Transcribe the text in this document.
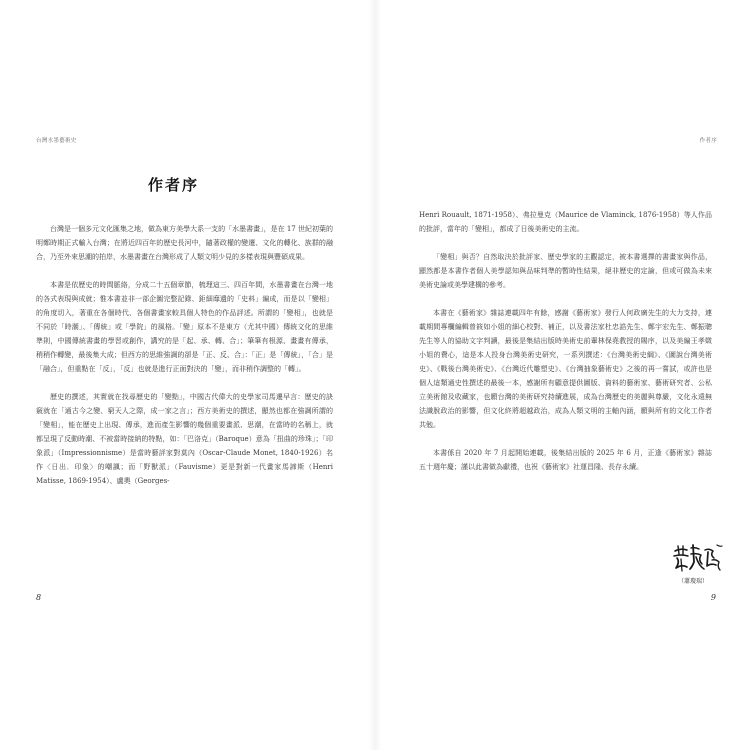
台灣水墨藝術史
作者序

台灣是一個多元文化匯集之地，做為東方美學大系一支的「水墨書畫」，是在 17 世紀初葉的明鄭時期正式輸入台灣；在將近四百年的歷史長河中，隨著政權的變遷、文化的轉化、族群的融合，乃至外來思潮的拍岸，水墨書畫在台灣形成了人類文明少見的多樣表現與豐碩成果。

本書是依歷史的時間脈絡，分成二十五個章節，梳理這三、四百年間，水墨書畫在台灣一地的各式表現與成就；惟本書並非一部企圖完整記錄、鉅細靡遺的「史料」編成，而是以「變相」的角度切入，著重在各個時代、各個書畫家較具個人特色的作品評述。所謂的「變相」，也就是不同於「時潮」、「傳統」或「學院」的風格。「變」原本不是東方（尤其中國）傳統文化的思維準則，中國傳統書畫的學習或創作，講究的是「起、承、轉、合」；筆筆有根源、畫畫有傳承，稍稍作轉變，最後集大成；但西方的思維強調的卻是「正、反、合」：「正」是「傳統」，「合」是「融合」，但重點在「反」，「反」也就是進行正面對決的「變」，而非稍作調整的「轉」。

歷史的撰述，其實就在找尋歷史的「變點」，中國古代偉大的史學家司馬遷早言：歷史的訣竅就在「通古今之變、窮天人之際，成一家之言」；西方美術史的撰述，顯然也都在強調所謂的「變相」，能在歷史上出現、傳承，進而產生影響的幾個重要畫派、思潮，在當時的名稱上，就都呈現了反動時潮、不被當時接納的特點，如：「巴洛克」（Baroque）意為「扭曲的珍珠」；「印象派」（Impressionnisme）是當時藝評家對莫內（Oscar-Claude Monet, 1840-1926）名作〈日出．印象〉的嘲諷；而「野獸派」（Fauvisme）更是對新一代畫家馬諦斯（Henri Matisse, 1869-1954）、盧奧（Georges-

8
作者序

Henri Rouault, 1871-1958）、弗拉曼克（Maurice de Vlaminck, 1876-1958）等人作品的批評，當年的「變相」，都成了日後美術史的主流。

「變相」與否？自然取決於批評家、歷史學家的主觀認定，被本書選擇的書畫家與作品，顯然都是本書作者個人美學認知與品味判準的暫時性結果，絕非歷史的定論，但或可做為未來美術史論或美學建構的參考。

本書在《藝術家》雜誌連載四年有餘，感謝《藝術家》發行人何政廣先生的大力支持，連載期間專欄編輯曾筱如小姐的細心校對、補正，以及書法家杜忠誥先生、鄭宇宏先生、鄭振聰先生等人的協助文字判讀，最後是集結出版時美術史前輩林保堯教授的賜序，以及美編王孝媺小姐的費心，這是本人投身台灣美術史研究，一系列撰述：《台灣美術史綱》、《圖說台灣美術史》、《戰後台灣美術史》、《台灣近代雕塑史》、《台灣抽象藝術史》之後的再一嘗試，或許也是個人這類通史性撰述的最後一本，感謝所有顧意提供圖版、資料的藝術家、藝術研究者、公私立美術館及收藏家，也願台灣的美術研究持續進展，成為台灣歷史的美麗與尊嚴，文化永遠無法識脫政治的影響，但文化終將超越政治，成為人類文明的主軸內涵，願與所有的文化工作者共勉。

本書係自 2020 年 7 月起開始連載，後集結出版的 2025 年 6 月，正逢《藝術家》雜誌五十週年慶；謹以此書做為獻禮，也祝《藝術家》社運昌隆、長存永續。

（蕭瓊瑞）
9
